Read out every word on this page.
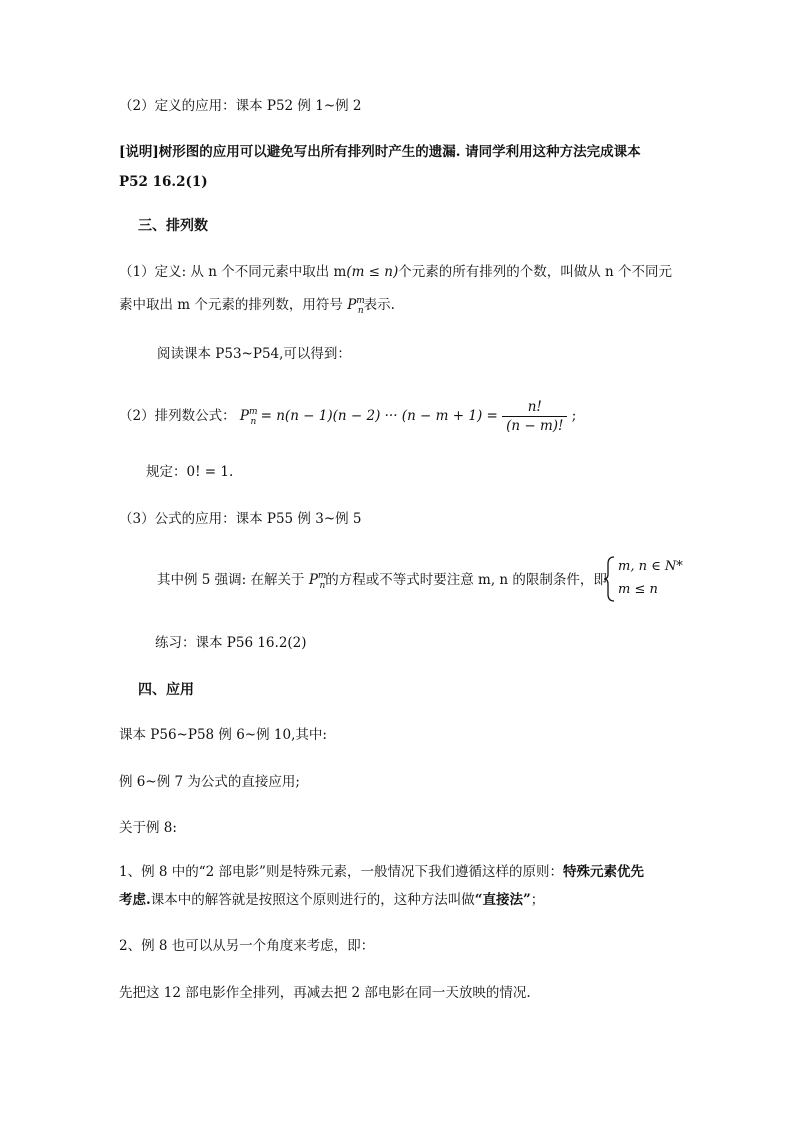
（2）定义的应用：课本 P52 例 1~例 2
[说明]树形图的应用可以避免写出所有排列时产生的遗漏. 请同学利用这种方法完成课本
P52 16.2(1)
三、排列数
（1）定义: 从 n 个不同元素中取出 m(m ≤ n)个元素的所有排列的个数，叫做从 n 个不同元
素中取出 m 个元素的排列数，用符号 $P^m_n$表示.
阅读课本 P53~P54,可以得到：
（2）排列数公式： $P^m_n = n(n - 1)(n - 2)$ ··· $(n - m + 1) = \frac{n!}{(n - m)!}$ ;
规定：0! = 1.
（3）公式的应用：课本 P55 例 3~例 5
其中例 5 强调: 在解关于 $P^m_n$的方程或不等式时要注意 m, n 的限制条件，即
m, n ∈ N*
m ≤ n
练习：课本 P56 16.2(2)
四、应用
课本 P56~P58 例 6~例 10,其中:
例 6~例 7 为公式的直接应用;
关于例 8:
1、例 8 中的“2 部电影”则是特殊元素，一般情况下我们遵循这样的原则：特殊元素优先
考虑.课本中的解答就是按照这个原则进行的，这种方法叫做“直接法”；
2、例 8 也可以从另一个角度来考虑，即：
先把这 12 部电影作全排列，再减去把 2 部电影在同一天放映的情况.
